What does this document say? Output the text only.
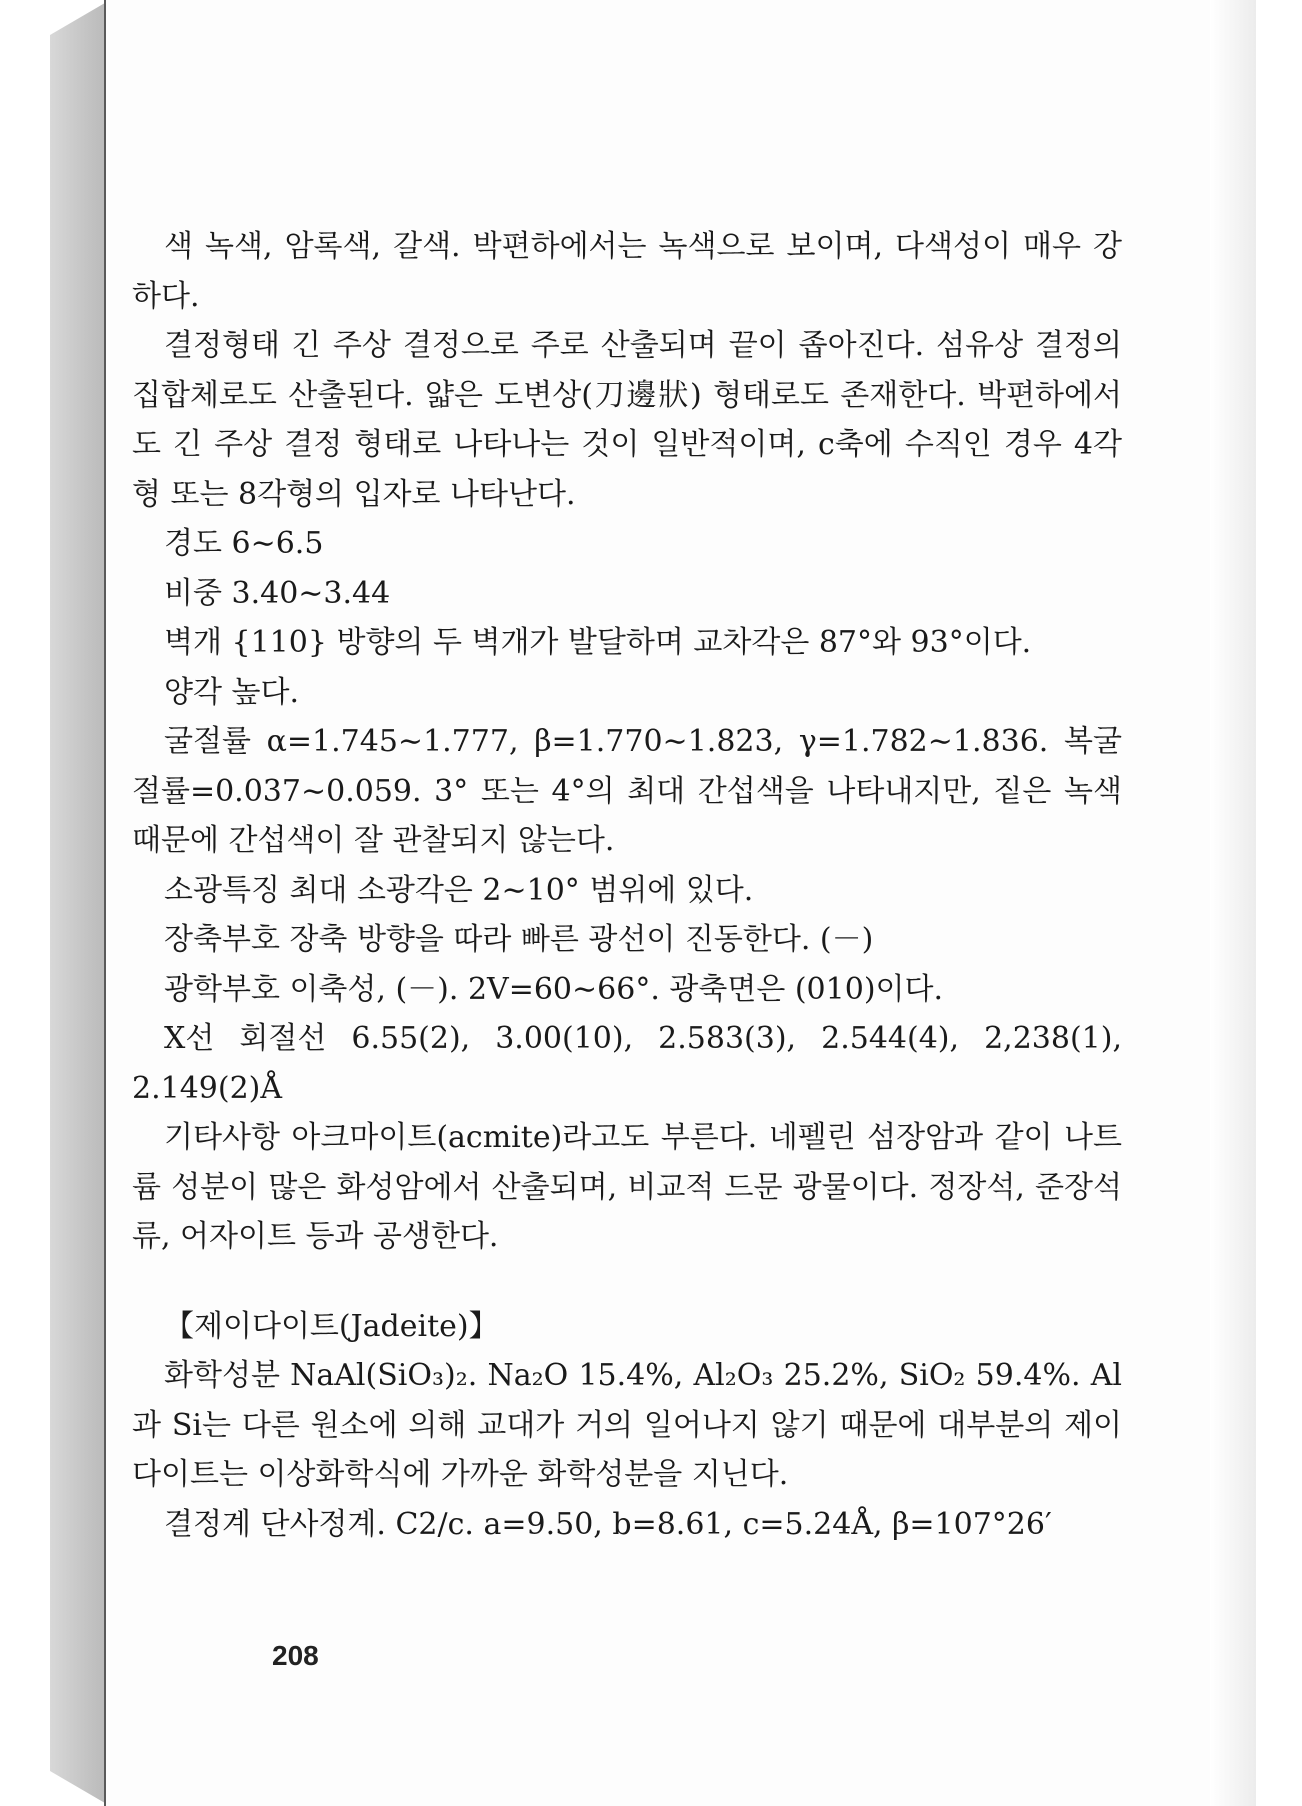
색 녹색, 암록색, 갈색. 박편하에서는 녹색으로 보이며, 다색성이 매우 강하다.

결정형태 긴 주상 결정으로 주로 산출되며 끝이 좁아진다. 섬유상 결정의 집합체로도 산출된다. 얇은 도변상(刀邊狀) 형태로도 존재한다. 박편하에서도 긴 주상 결정 형태로 나타나는 것이 일반적이며, c축에 수직인 경우 4각형 또는 8각형의 입자로 나타난다.

경도 6∼6.5

비중 3.40∼3.44

벽개 {110} 방향의 두 벽개가 발달하며 교차각은 87°와 93°이다.

양각 높다.

굴절률 α=1.745∼1.777, β=1.770∼1.823, γ=1.782∼1.836. 복굴절률=0.037∼0.059. 3° 또는 4°의 최대 간섭색을 나타내지만, 짙은 녹색 때문에 간섭색이 잘 관찰되지 않는다.

소광특징 최대 소광각은 2∼10° 범위에 있다.

장축부호 장축 방향을 따라 빠른 광선이 진동한다. (－)

광학부호 이축성, (－). 2V=60∼66°. 광축면은 (010)이다.

X선 회절선 6.55(2), 3.00(10), 2.583(3), 2.544(4), 2,238(1), 2.149(2)Å

기타사항 아크마이트(acmite)라고도 부른다. 네펠린 섬장암과 같이 나트륨 성분이 많은 화성암에서 산출되며, 비교적 드문 광물이다. 정장석, 준장석류, 어자이트 등과 공생한다.

【제이다이트(Jadeite)】

화학성분 NaAl(SiO₃)₂. Na₂O 15.4%, Al₂O₃ 25.2%, SiO₂ 59.4%. Al과 Si는 다른 원소에 의해 교대가 거의 일어나지 않기 때문에 대부분의 제이다이트는 이상화학식에 가까운 화학성분을 지닌다.

결정계 단사정계. C2/c. a=9.50, b=8.61, c=5.24Å, β=107°26′

208
